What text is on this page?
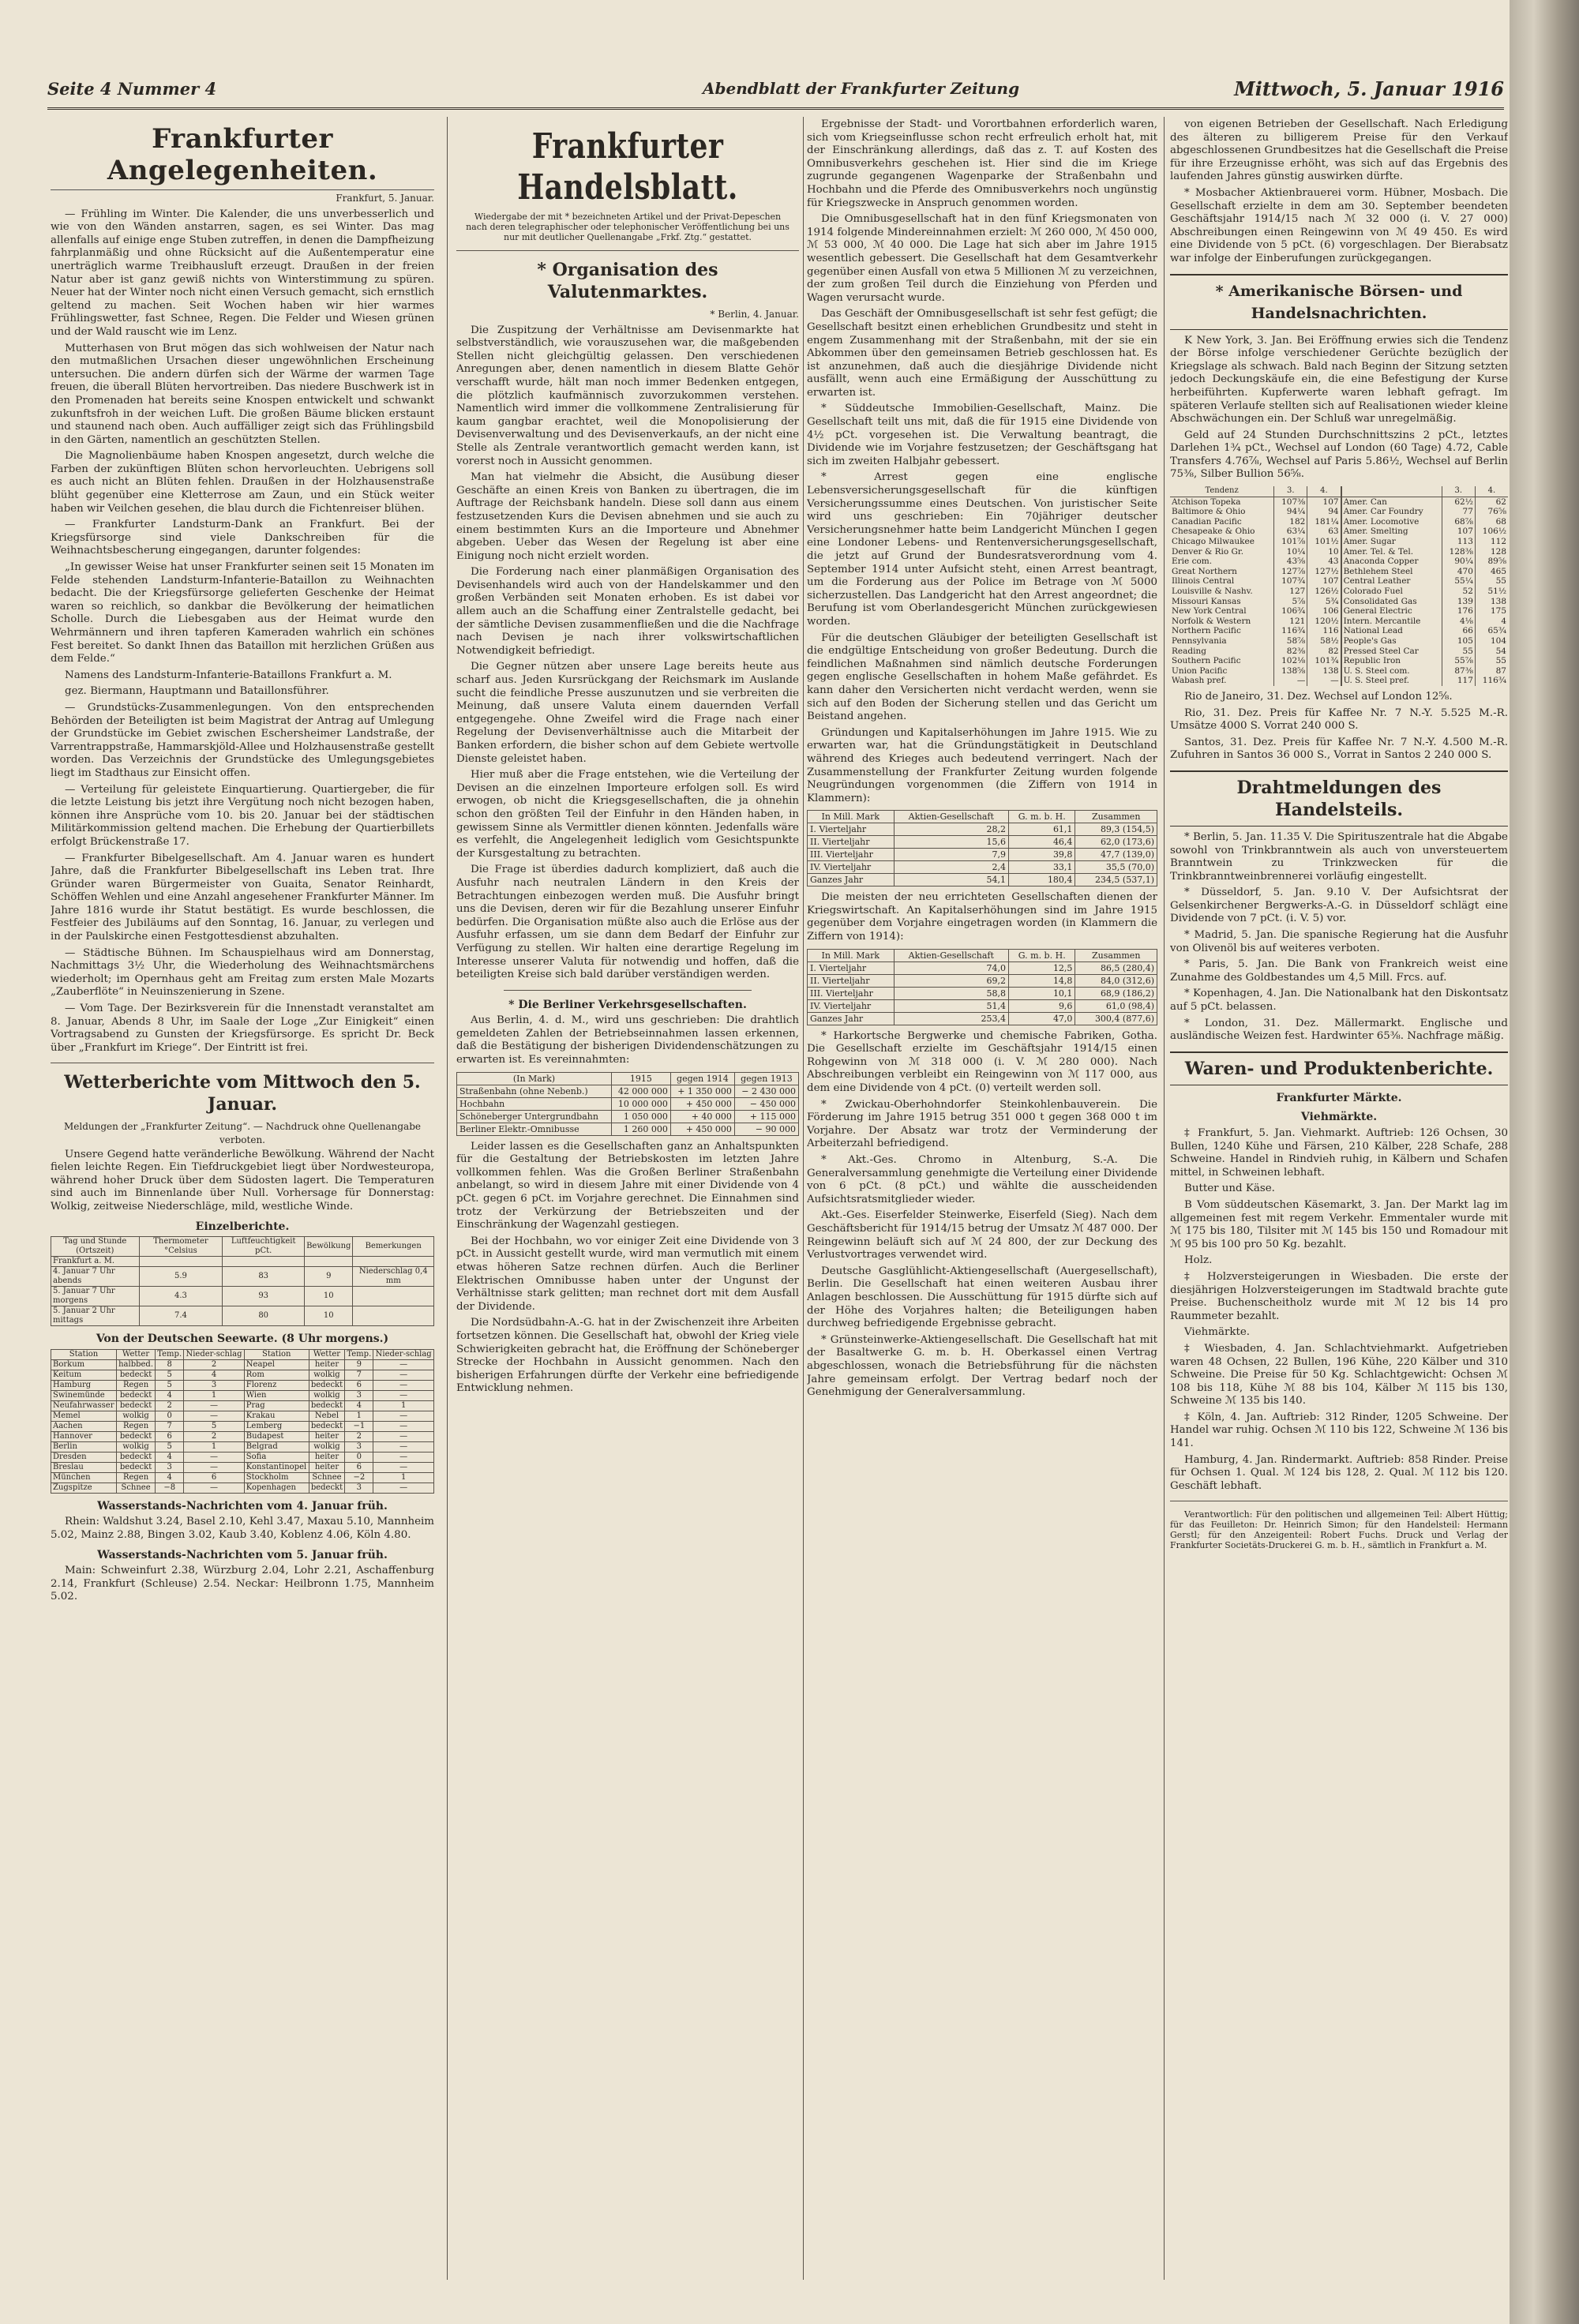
Seite 4 Nummer 4	Abendblatt der Frankfurter Zeitung	Mittwoch, 5. Januar 1916
Frankfurter Angelegenheiten.
Frankfurt, 5. Januar.

— Frühling im Winter. Die Kalender, die uns unverbesserlich und wie von den Wänden anstarren, sagen, es sei Winter. Das mag allenfalls auf einige enge Stuben zutreffen, in denen die Dampfheizung fahrplanmäßig und ohne Rücksicht auf die Außentemperatur eine unerträglich warme Treibhausluft erzeugt. Draußen in der freien Natur aber ist ganz gewiß nichts von Winterstimmung zu spüren. Neuer hat der Winter noch nicht einen Versuch gemacht, sich ernstlich geltend zu machen. Seit Wochen haben wir hier warmes Frühlingswetter, fast Schnee, Regen. Die Felder und Wiesen grünen und der Wald rauscht wie im Lenz.

Mutterhasen von Brut mögen das sich wohlweisen der Natur nach den mutmaßlichen Ursachen dieser ungewöhnlichen Erscheinung untersuchen. Die andern dürfen sich der Wärme der warmen Tage freuen, die überall Blüten hervortreiben. Das niedere Buschwerk ist in den Promenaden hat bereits seine Knospen entwickelt und schwankt zukunftsfroh in der weichen Luft. Die großen Bäume blicken erstaunt und staunend nach oben. Auch auffälliger zeigt sich das Frühlingsbild in den Gärten, namentlich an geschützten Stellen.

Die Magnolienbäume haben Knospen angesetzt, durch welche die Farben der zukünftigen Blüten schon hervorleuchten. Uebrigens soll es auch nicht an Blüten fehlen. Draußen in der Holzhausenstraße blüht gegenüber eine Kletterrose am Zaun, und ein Stück weiter haben wir Veilchen gesehen, die blau durch die Fichtenreiser blühen.

— Frankfurter Landsturm-Dank an Frankfurt. Bei der Kriegsfürsorge sind viele Dankschreiben für die Weihnachtsbescherung eingegangen, darunter folgendes:

„In gewisser Weise hat unser Frankfurter seinen seit 15 Monaten im Felde stehenden Landsturm-Infanterie-Bataillon zu Weihnachten bedacht. Die der Kriegsfürsorge gelieferten Geschenke der Heimat waren so reichlich, so dankbar die Bevölkerung der heimatlichen Scholle. Durch die Liebesgaben aus der Heimat wurde den Wehrmännern und ihren tapferen Kameraden wahrlich ein schönes Fest bereitet. So dankt Ihnen das Bataillon mit herzlichen Grüßen aus dem Felde.“

Namens des Landsturm-Infanterie-Bataillons Frankfurt a. M.

gez. Biermann, Hauptmann und Bataillonsführer.

— Grundstücks-Zusammenlegungen. Von den entsprechenden Behörden der Beteiligten ist beim Magistrat der Antrag auf Umlegung der Grundstücke im Gebiet zwischen Eschersheimer Landstraße, der Varrentrappstraße, Hammarskjöld-Allee und Holzhausenstraße gestellt worden. Das Verzeichnis der Grundstücke des Umlegungsgebietes liegt im Stadthaus zur Einsicht offen.

— Verteilung für geleistete Einquartierung. Quartiergeber, die für die letzte Leistung bis jetzt ihre Vergütung noch nicht bezogen haben, können ihre Ansprüche vom 10. bis 20. Januar bei der städtischen Militärkommission geltend machen. Die Erhebung der Quartierbillets erfolgt Brückenstraße 17.

— Frankfurter Bibelgesellschaft. Am 4. Januar waren es hundert Jahre, daß die Frankfurter Bibelgesellschaft ins Leben trat. Ihre Gründer waren Bürgermeister von Guaita, Senator Reinhardt, Schöffen Wehlen und eine Anzahl angesehener Frankfurter Männer. Im Jahre 1816 wurde ihr Statut bestätigt. Es wurde beschlossen, die Festfeier des Jubiläums auf den Sonntag, 16. Januar, zu verlegen und in der Paulskirche einen Festgottesdienst abzuhalten.

— Städtische Bühnen. Im Schauspielhaus wird am Donnerstag, Nachmittags 3½ Uhr, die Wiederholung des Weihnachtsmärchens wiederholt; im Opernhaus geht am Freitag zum ersten Male Mozarts „Zauberflöte“ in Neuinszenierung in Szene.

— Vom Tage. Der Bezirksverein für die Innenstadt veranstaltet am 8. Januar, Abends 8 Uhr, im Saale der Loge „Zur Einigkeit“ einen Vortragsabend zu Gunsten der Kriegsfürsorge. Es spricht Dr. Beck über „Frankfurt im Kriege“. Der Eintritt ist frei.

Wetterberichte vom Mittwoch den 5. Januar.
Meldungen der „Frankfurter Zeitung“. — Nachdruck ohne Quellenangabe verboten.

Unsere Gegend hatte veränderliche Bewölkung. Während der Nacht fielen leichte Regen. Ein Tiefdruckgebiet liegt über Nordwesteuropa, während hoher Druck über dem Südosten lagert. Die Temperaturen sind auch im Binnenlande über Null. Vorhersage für Donnerstag: Wolkig, zeitweise Niederschläge, mild, westliche Winde.

Einzelberichte.
Tag und Stunde (Ortszeit)	Thermometer °Celsius	Luftfeuchtigkeit pCt.	Bewölkung	Bemerkungen
Frankfurt a. M.				
4. Januar 7 Uhr abends	5.9	83	9	Niederschlag 0,4 mm
5. Januar 7 Uhr morgens	4.3	93	10	
5. Januar 2 Uhr mittags	7.4	80	10	
Von der Deutschen Seewarte. (8 Uhr morgens.)
Station	Wetter	Temp.	Nieder-schlag	Station	Wetter	Temp.	Nieder-schlag
Borkum	halbbed.	8	2	Neapel	heiter	9	—
Keitum	bedeckt	5	4	Rom	wolkig	7	—
Hamburg	Regen	5	3	Florenz	bedeckt	6	—
Swinemünde	bedeckt	4	1	Wien	wolkig	3	—
Neufahrwasser	bedeckt	2	—	Prag	bedeckt	4	1
Memel	wolkig	0	—	Krakau	Nebel	1	—
Aachen	Regen	7	5	Lemberg	bedeckt	−1	—
Hannover	bedeckt	6	2	Budapest	heiter	2	—
Berlin	wolkig	5	1	Belgrad	wolkig	3	—
Dresden	bedeckt	4	—	Sofia	heiter	0	—
Breslau	bedeckt	3	—	Konstantinopel	heiter	6	—
München	Regen	4	6	Stockholm	Schnee	−2	1
Zugspitze	Schnee	−8	—	Kopenhagen	bedeckt	3	—
Wasserstands-Nachrichten vom 4. Januar früh.

Rhein: Waldshut 3.24, Basel 2.10, Kehl 3.47, Maxau 5.10, Mannheim 5.02, Mainz 2.88, Bingen 3.02, Kaub 3.40, Koblenz 4.06, Köln 4.80.

Wasserstands-Nachrichten vom 5. Januar früh.

Main: Schweinfurt 2.38, Würzburg 2.04, Lohr 2.21, Aschaffenburg 2.14, Frankfurt (Schleuse) 2.54. Neckar: Heilbronn 1.75, Mannheim 5.02.

Frankfurter Handelsblatt.
Wiedergabe der mit * bezeichneten Artikel und der Privat-Depeschen nach deren telegraphischer oder telephonischer Veröffentlichung bei uns nur mit deutlicher Quellenangabe „Frkf. Ztg.“ gestattet.
* Organisation des Valutenmarktes.
* Berlin, 4. Januar.

Die Zuspitzung der Verhältnisse am Devisenmarkte hat selbstverständlich, wie vorauszusehen war, die maßgebenden Stellen nicht gleichgültig gelassen. Den verschiedenen Anregungen aber, denen namentlich in diesem Blatte Gehör verschafft wurde, hält man noch immer Bedenken entgegen, die plötzlich kaufmännisch zuvorzukommen verstehen. Namentlich wird immer die vollkommene Zentralisierung für kaum gangbar erachtet, weil die Monopolisierung der Devisenverwaltung und des Devisenverkaufs, an der nicht eine Stelle als Zentrale verantwortlich gemacht werden kann, ist vorerst noch in Aussicht genommen.

Man hat vielmehr die Absicht, die Ausübung dieser Geschäfte an einen Kreis von Banken zu übertragen, die im Auftrage der Reichsbank handeln. Diese soll dann aus einem festzusetzenden Kurs die Devisen abnehmen und sie auch zu einem bestimmten Kurs an die Importeure und Abnehmer abgeben. Ueber das Wesen der Regelung ist aber eine Einigung noch nicht erzielt worden.

Die Forderung nach einer planmäßigen Organisation des Devisenhandels wird auch von der Handelskammer und den großen Verbänden seit Monaten erhoben. Es ist dabei vor allem auch an die Schaffung einer Zentralstelle gedacht, bei der sämtliche Devisen zusammenfließen und die die Nachfrage nach Devisen je nach ihrer volkswirtschaftlichen Notwendigkeit befriedigt.

Die Gegner nützen aber unsere Lage bereits heute aus scharf aus. Jeden Kursrückgang der Reichsmark im Auslande sucht die feindliche Presse auszunutzen und sie verbreiten die Meinung, daß unsere Valuta einem dauernden Verfall entgegengehe. Ohne Zweifel wird die Frage nach einer Regelung der Devisenverhältnisse auch die Mitarbeit der Banken erfordern, die bisher schon auf dem Gebiete wertvolle Dienste geleistet haben.

Hier muß aber die Frage entstehen, wie die Verteilung der Devisen an die einzelnen Importeure erfolgen soll. Es wird erwogen, ob nicht die Kriegsgesellschaften, die ja ohnehin schon den größten Teil der Einfuhr in den Händen haben, in gewissem Sinne als Vermittler dienen könnten. Jedenfalls wäre es verfehlt, die Angelegenheit lediglich vom Gesichtspunkte der Kursgestaltung zu betrachten.

Die Frage ist überdies dadurch kompliziert, daß auch die Ausfuhr nach neutralen Ländern in den Kreis der Betrachtungen einbezogen werden muß. Die Ausfuhr bringt uns die Devisen, deren wir für die Bezahlung unserer Einfuhr bedürfen. Die Organisation müßte also auch die Erlöse aus der Ausfuhr erfassen, um sie dann dem Bedarf der Einfuhr zur Verfügung zu stellen. Wir halten eine derartige Regelung im Interesse unserer Valuta für notwendig und hoffen, daß die beteiligten Kreise sich bald darüber verständigen werden.

* Die Berliner Verkehrsgesellschaften.

Aus Berlin, 4. d. M., wird uns geschrieben: Die drahtlich gemeldeten Zahlen der Betriebseinnahmen lassen erkennen, daß die Bestätigung der bisherigen Dividendenschätzungen zu erwarten ist. Es vereinnahmten:

(In Mark)	1915	gegen 1914	gegen 1913
Straßenbahn (ohne Nebenb.)	42 000 000	+ 1 350 000	− 2 430 000
Hochbahn	10 000 000	+ 450 000	− 450 000
Schöneberger Untergrundbahn	1 050 000	+ 40 000	+ 115 000
Berliner Elektr.-Omnibusse	1 260 000	+ 450 000	− 90 000

Leider lassen es die Gesellschaften ganz an Anhaltspunkten für die Gestaltung der Betriebskosten im letzten Jahre vollkommen fehlen. Was die Großen Berliner Straßenbahn anbelangt, so wird in diesem Jahre mit einer Dividende von 4 pCt. gegen 6 pCt. im Vorjahre gerechnet. Die Einnahmen sind trotz der Verkürzung der Betriebszeiten und der Einschränkung der Wagenzahl gestiegen.

Bei der Hochbahn, wo vor einiger Zeit eine Dividende von 3 pCt. in Aussicht gestellt wurde, wird man vermutlich mit einem etwas höheren Satze rechnen dürfen. Auch die Berliner Elektrischen Omnibusse haben unter der Ungunst der Verhältnisse stark gelitten; man rechnet dort mit dem Ausfall der Dividende.

Die Nordsüdbahn-A.-G. hat in der Zwischenzeit ihre Arbeiten fortsetzen können. Die Gesellschaft hat, obwohl der Krieg viele Schwierigkeiten gebracht hat, die Eröffnung der Schöneberger Strecke der Hochbahn in Aussicht genommen. Nach den bisherigen Erfahrungen dürfte der Verkehr eine befriedigende Entwicklung nehmen.

Ergebnisse der Stadt- und Vorortbahnen erforderlich waren, sich vom Kriegseinflusse schon recht erfreulich erholt hat, mit der Einschränkung allerdings, daß das z. T. auf Kosten des Omnibusverkehrs geschehen ist. Hier sind die im Kriege zugrunde gegangenen Wagenparke der Straßenbahn und Hochbahn und die Pferde des Omnibusverkehrs noch ungünstig für Kriegszwecke in Anspruch genommen worden.

Die Omnibusgesellschaft hat in den fünf Kriegsmonaten von 1914 folgende Mindereinnahmen erzielt: ℳ 260 000, ℳ 450 000, ℳ 53 000, ℳ 40 000. Die Lage hat sich aber im Jahre 1915 wesentlich gebessert. Die Gesellschaft hat dem Gesamtverkehr gegenüber einen Ausfall von etwa 5 Millionen ℳ zu verzeichnen, der zum großen Teil durch die Einziehung von Pferden und Wagen verursacht wurde.

Das Geschäft der Omnibusgesellschaft ist sehr fest gefügt; die Gesellschaft besitzt einen erheblichen Grundbesitz und steht in engem Zusammenhang mit der Straßenbahn, mit der sie ein Abkommen über den gemeinsamen Betrieb geschlossen hat. Es ist anzunehmen, daß auch die diesjährige Dividende nicht ausfällt, wenn auch eine Ermäßigung der Ausschüttung zu erwarten ist.

* Süddeutsche Immobilien-Gesellschaft, Mainz. Die Gesellschaft teilt uns mit, daß die für 1915 eine Dividende von 4½ pCt. vorgesehen ist. Die Verwaltung beantragt, die Dividende wie im Vorjahre festzusetzen; der Geschäftsgang hat sich im zweiten Halbjahr gebessert.

* Arrest gegen eine englische Lebensversicherungsgesellschaft für die künftigen Versicherungssumme eines Deutschen. Von juristischer Seite wird uns geschrieben: Ein 70jähriger deutscher Versicherungsnehmer hatte beim Landgericht München I gegen eine Londoner Lebens- und Rentenversicherungsgesellschaft, die jetzt auf Grund der Bundesratsverordnung vom 4. September 1914 unter Aufsicht steht, einen Arrest beantragt, um die Forderung aus der Police im Betrage von ℳ 5000 sicherzustellen. Das Landgericht hat den Arrest angeordnet; die Berufung ist vom Oberlandesgericht München zurückgewiesen worden.

Für die deutschen Gläubiger der beteiligten Gesellschaft ist die endgültige Entscheidung von großer Bedeutung. Durch die feindlichen Maßnahmen sind nämlich deutsche Forderungen gegen englische Gesellschaften in hohem Maße gefährdet. Es kann daher den Versicherten nicht verdacht werden, wenn sie sich auf den Boden der Sicherung stellen und das Gericht um Beistand angehen.

Gründungen und Kapitalserhöhungen im Jahre 1915. Wie zu erwarten war, hat die Gründungstätigkeit in Deutschland während des Krieges auch bedeutend verringert. Nach der Zusammenstellung der Frankfurter Zeitung wurden folgende Neugründungen vorgenommen (die Ziffern von 1914 in Klammern):

In Mill. Mark	Aktien-Gesellschaft	G. m. b. H.	Zusammen
I. Vierteljahr	28,2	61,1	89,3 (154,5)
II. Vierteljahr	15,6	46,4	62,0 (173,6)
III. Vierteljahr	7,9	39,8	47,7 (139,0)
IV. Vierteljahr	2,4	33,1	35,5 (70,0)
Ganzes Jahr	54,1	180,4	234,5 (537,1)

Die meisten der neu errichteten Gesellschaften dienen der Kriegswirtschaft. An Kapitalserhöhungen sind im Jahre 1915 gegenüber dem Vorjahre eingetragen worden (in Klammern die Ziffern von 1914):

In Mill. Mark	Aktien-Gesellschaft	G. m. b. H.	Zusammen
I. Vierteljahr	74,0	12,5	86,5 (280,4)
II. Vierteljahr	69,2	14,8	84,0 (312,6)
III. Vierteljahr	58,8	10,1	68,9 (186,2)
IV. Vierteljahr	51,4	9,6	61,0 (98,4)
Ganzes Jahr	253,4	47,0	300,4 (877,6)

* Harkortsche Bergwerke und chemische Fabriken, Gotha. Die Gesellschaft erzielte im Geschäftsjahr 1914/15 einen Rohgewinn von ℳ 318 000 (i. V. ℳ 280 000). Nach Abschreibungen verbleibt ein Reingewinn von ℳ 117 000, aus dem eine Dividende von 4 pCt. (0) verteilt werden soll.

* Zwickau-Oberhohndorfer Steinkohlenbauverein. Die Förderung im Jahre 1915 betrug 351 000 t gegen 368 000 t im Vorjahre. Der Absatz war trotz der Verminderung der Arbeiterzahl befriedigend.

* Akt.-Ges. Chromo in Altenburg, S.-A. Die Generalversammlung genehmigte die Verteilung einer Dividende von 6 pCt. (8 pCt.) und wählte die ausscheidenden Aufsichtsratsmitglieder wieder.

Akt.-Ges. Eiserfelder Steinwerke, Eiserfeld (Sieg). Nach dem Geschäftsbericht für 1914/15 betrug der Umsatz ℳ 487 000. Der Reingewinn beläuft sich auf ℳ 24 800, der zur Deckung des Verlustvortrages verwendet wird.

Deutsche Gasglühlicht-Aktiengesellschaft (Auergesellschaft), Berlin. Die Gesellschaft hat einen weiteren Ausbau ihrer Anlagen beschlossen. Die Ausschüttung für 1915 dürfte sich auf der Höhe des Vorjahres halten; die Beteiligungen haben durchweg befriedigende Ergebnisse gebracht.

* Grünsteinwerke-Aktiengesellschaft. Die Gesellschaft hat mit der Basaltwerke G. m. b. H. Oberkassel einen Vertrag abgeschlossen, wonach die Betriebsführung für die nächsten Jahre gemeinsam erfolgt. Der Vertrag bedarf noch der Genehmigung der Generalversammlung.

von eigenen Betrieben der Gesellschaft. Nach Erledigung des älteren zu billigerem Preise für den Verkauf abgeschlossenen Grundbesitzes hat die Gesellschaft die Preise für ihre Erzeugnisse erhöht, was sich auf das Ergebnis des laufenden Jahres günstig auswirken dürfte.

* Mosbacher Aktienbrauerei vorm. Hübner, Mosbach. Die Gesellschaft erzielte in dem am 30. September beendeten Geschäftsjahr 1914/15 nach ℳ 32 000 (i. V. 27 000) Abschreibungen einen Reingewinn von ℳ 49 450. Es wird eine Dividende von 5 pCt. (6) vorgeschlagen. Der Bierabsatz war infolge der Einberufungen zurückgegangen.

* Amerikanische Börsen- und Handelsnachrichten.

K New York, 3. Jan. Bei Eröffnung erwies sich die Tendenz der Börse infolge verschiedener Gerüchte bezüglich der Kriegslage als schwach. Bald nach Beginn der Sitzung setzten jedoch Deckungskäufe ein, die eine Befestigung der Kurse herbeiführten. Kupferwerte waren lebhaft gefragt. Im späteren Verlaufe stellten sich auf Realisationen wieder kleine Abschwächungen ein. Der Schluß war unregelmäßig.

Geld auf 24 Stunden Durchschnittszins 2 pCt., letztes Darlehen 1¾ pCt., Wechsel auf London (60 Tage) 4.72, Cable Transfers 4.76⅞, Wechsel auf Paris 5.86½, Wechsel auf Berlin 75⅜, Silber Bullion 56⅝.

Tendenz	3.	4.		3.	4.
Atchison Topeka	107⅜	107	Amer. Can	62½	62
Baltimore & Ohio	94¼	94	Amer. Car Foundry	77	76⅝
Canadian Pacific	182	181¼	Amer. Locomotive	68⅞	68
Chesapeake & Ohio	63¼	63	Amer. Smelting	107	106½
Chicago Milwaukee	101⅞	101½	Amer. Sugar	113	112
Denver & Rio Gr.	10¼	10	Amer. Tel. & Tel.	128⅜	128
Erie com.	43⅝	43	Anaconda Copper	90¼	89⅝
Great Northern	127⅞	127½	Bethlehem Steel	470	465
Illinois Central	107¾	107	Central Leather	55¼	55
Louisville & Nashv.	127	126½	Colorado Fuel	52	51½
Missouri Kansas	5⅞	5¾	Consolidated Gas	139	138
New York Central	106¾	106	General Electric	176	175
Norfolk & Western	121	120½	Intern. Mercantile	4⅛	4
Northern Pacific	116¾	116	National Lead	66	65¾
Pennsylvania	58⅞	58½	People's Gas	105	104
Reading	82⅜	82	Pressed Steel Car	55	54
Southern Pacific	102⅛	101¾	Republic Iron	55⅞	55
Union Pacific	138⅝	138	U. S. Steel com.	87⅜	87
Wabash pref.	—	—	U. S. Steel pref.	117	116¾

Rio de Janeiro, 31. Dez. Wechsel auf London 12⅝.

Rio, 31. Dez. Preis für Kaffee Nr. 7 N.-Y. 5.525 M.-R. Umsätze 4000 S. Vorrat 240 000 S.

Santos, 31. Dez. Preis für Kaffee Nr. 7 N.-Y. 4.500 M.-R. Zufuhren in Santos 36 000 S., Vorrat in Santos 2 240 000 S.

Drahtmeldungen des Handelsteils.

* Berlin, 5. Jan. 11.35 V. Die Spirituszentrale hat die Abgabe sowohl von Trinkbranntwein als auch von unversteuertem Branntwein zu Trinkzwecken für die Trinkbranntweinbrennerei vorläufig eingestellt.

* Düsseldorf, 5. Jan. 9.10 V. Der Aufsichtsrat der Gelsenkirchener Bergwerks-A.-G. in Düsseldorf schlägt eine Dividende von 7 pCt. (i. V. 5) vor.

* Madrid, 5. Jan. Die spanische Regierung hat die Ausfuhr von Olivenöl bis auf weiteres verboten.

* Paris, 5. Jan. Die Bank von Frankreich weist eine Zunahme des Goldbestandes um 4,5 Mill. Frcs. auf.

* Kopenhagen, 4. Jan. Die Nationalbank hat den Diskontsatz auf 5 pCt. belassen.

* London, 31. Dez. Mällermarkt. Englische und ausländische Weizen fest. Hardwinter 65⅜. Nachfrage mäßig.

Waren- und Produktenberichte.
Frankfurter Märkte.
Viehmärkte.

‡ Frankfurt, 5. Jan. Viehmarkt. Auftrieb: 126 Ochsen, 30 Bullen, 1240 Kühe und Färsen, 210 Kälber, 228 Schafe, 288 Schweine. Handel in Rindvieh ruhig, in Kälbern und Schafen mittel, in Schweinen lebhaft.

Butter und Käse.

B Vom süddeutschen Käsemarkt, 3. Jan. Der Markt lag im allgemeinen fest mit regem Verkehr. Emmentaler wurde mit ℳ 175 bis 180, Tilsiter mit ℳ 145 bis 150 und Romadour mit ℳ 95 bis 100 pro 50 Kg. bezahlt.

Holz.

‡ Holzversteigerungen in Wiesbaden. Die erste der diesjährigen Holzversteigerungen im Stadtwald brachte gute Preise. Buchenscheitholz wurde mit ℳ 12 bis 14 pro Raummeter bezahlt.

Viehmärkte.

‡ Wiesbaden, 4. Jan. Schlachtviehmarkt. Aufgetrieben waren 48 Ochsen, 22 Bullen, 196 Kühe, 220 Kälber und 310 Schweine. Die Preise für 50 Kg. Schlachtgewicht: Ochsen ℳ 108 bis 118, Kühe ℳ 88 bis 104, Kälber ℳ 115 bis 130, Schweine ℳ 135 bis 140.

‡ Köln, 4. Jan. Auftrieb: 312 Rinder, 1205 Schweine. Der Handel war ruhig. Ochsen ℳ 110 bis 122, Schweine ℳ 136 bis 141.

Hamburg, 4. Jan. Rindermarkt. Auftrieb: 858 Rinder. Preise für Ochsen 1. Qual. ℳ 124 bis 128, 2. Qual. ℳ 112 bis 120. Geschäft lebhaft.

Verantwortlich: Für den politischen und allgemeinen Teil: Albert Hüttig; für das Feuilleton: Dr. Heinrich Simon; für den Handelsteil: Hermann Gerstl; für den Anzeigenteil: Robert Fuchs. Druck und Verlag der Frankfurter Societäts-Druckerei G. m. b. H., sämtlich in Frankfurt a. M.
